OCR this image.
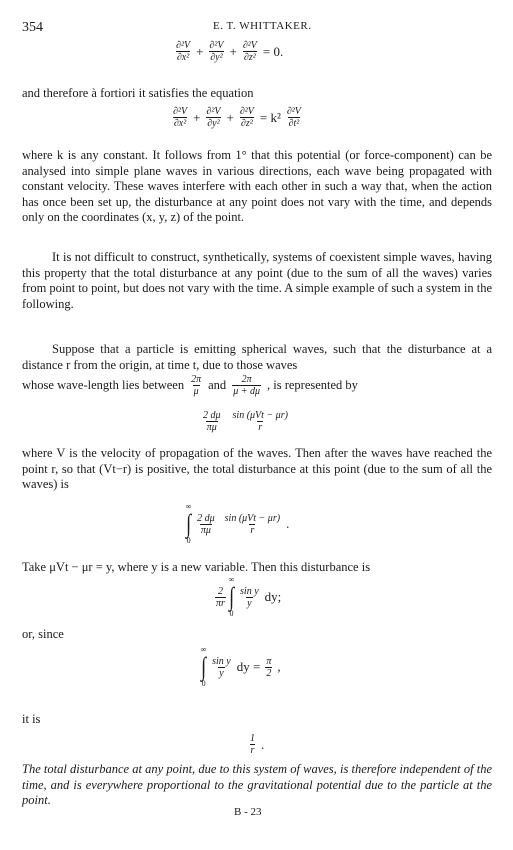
354	E. T. WHITTAKER.
$\frac{\text{∂²V}}{\text{∂x²}} + \frac{\text{∂²V}}{\text{∂y²}} + \frac{\text{∂²V}}{\text{∂z²}} = 0$.
and therefore à fortiori it satisfies the equation
$\frac{\text{∂²V}}{\text{∂x²}} + \frac{\text{∂²V}}{\text{∂y²}} + \frac{\text{∂²V}}{\text{∂z²}} = k^2 \frac{\text{∂²V}}{\text{∂t²}}$
where k is any constant. It follows from 1° that this potential (or force-component) can be analysed into simple plane waves in various directions, each wave being propagated with constant velocity. These waves interfere with each other in such a way that, when the action has once been set up, the disturbance at any point does not vary with the time, and depends only on the coordinates (x, y, z) of the point.
It is not difficult to construct, synthetically, systems of coexistent simple waves, having this property that the total disturbance at any point (due to the sum of all the waves) varies from point to point, but does not vary with the time. A simple example of such a system in the following.
Suppose that a particle is emitting spherical waves, such that the disturbance at a distance r from the origin, at time t, due to those waves
whose wave-length lies between $\frac{2\pi}{\mu}$ and $\frac{2\pi}{\mu + d\mu}$ , is represented by
$\frac{2 d\mu}{\pi\mu} \frac{\text{sin (μVt − μr)}}{r}$
where V is the velocity of propagation of the waves. Then after the waves have reached the point r, so that (Vt−r) is positive, the total disturbance at this point (due to the sum of all the waves) is
∞
∫
0
$\frac{2 d\mu}{\pi\mu} \frac{\text{sin (μVt − μr)}}{r}$ .
Take μVt − μr = y, where y is a new variable. Then this disturbance is
$\frac{2}{\pi r}$
∞
∫
0
$\frac{\text{sin y}}{y}$ dy;
or, since
∞
∫
0
$\frac{\text{sin y}}{y}$ dy = $\frac{\pi}{2}$ ,
it is
$\frac{1}{r}$ .
The total disturbance at any point, due to this system of waves, is therefore independent of the time, and is everywhere proportional to the gravitational potential due to the particle at the point.
B - 23
